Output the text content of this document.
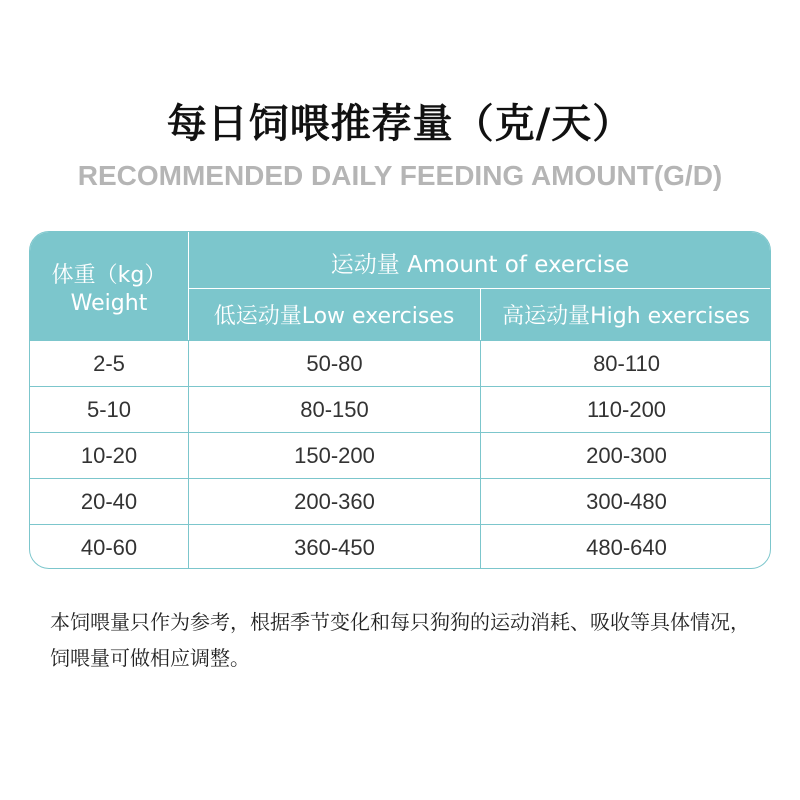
每日饲喂推荐量（克/天）
RECOMMENDED DAILY FEEDING AMOUNT(G/D)
体重（kg）
Weight
运动量 Amount of exercise
低运动量Low exercises	高运动量High exercises
2-5	50-80	80-110
5-10	80-150	110-200
10-20	150-200	200-300
20-40	200-360	300-480
40-60	360-450	480-640
本饲喂量只作为参考，根据季节变化和每只狗狗的运动消耗、吸收等具体情况，饲喂量可做相应调整。
